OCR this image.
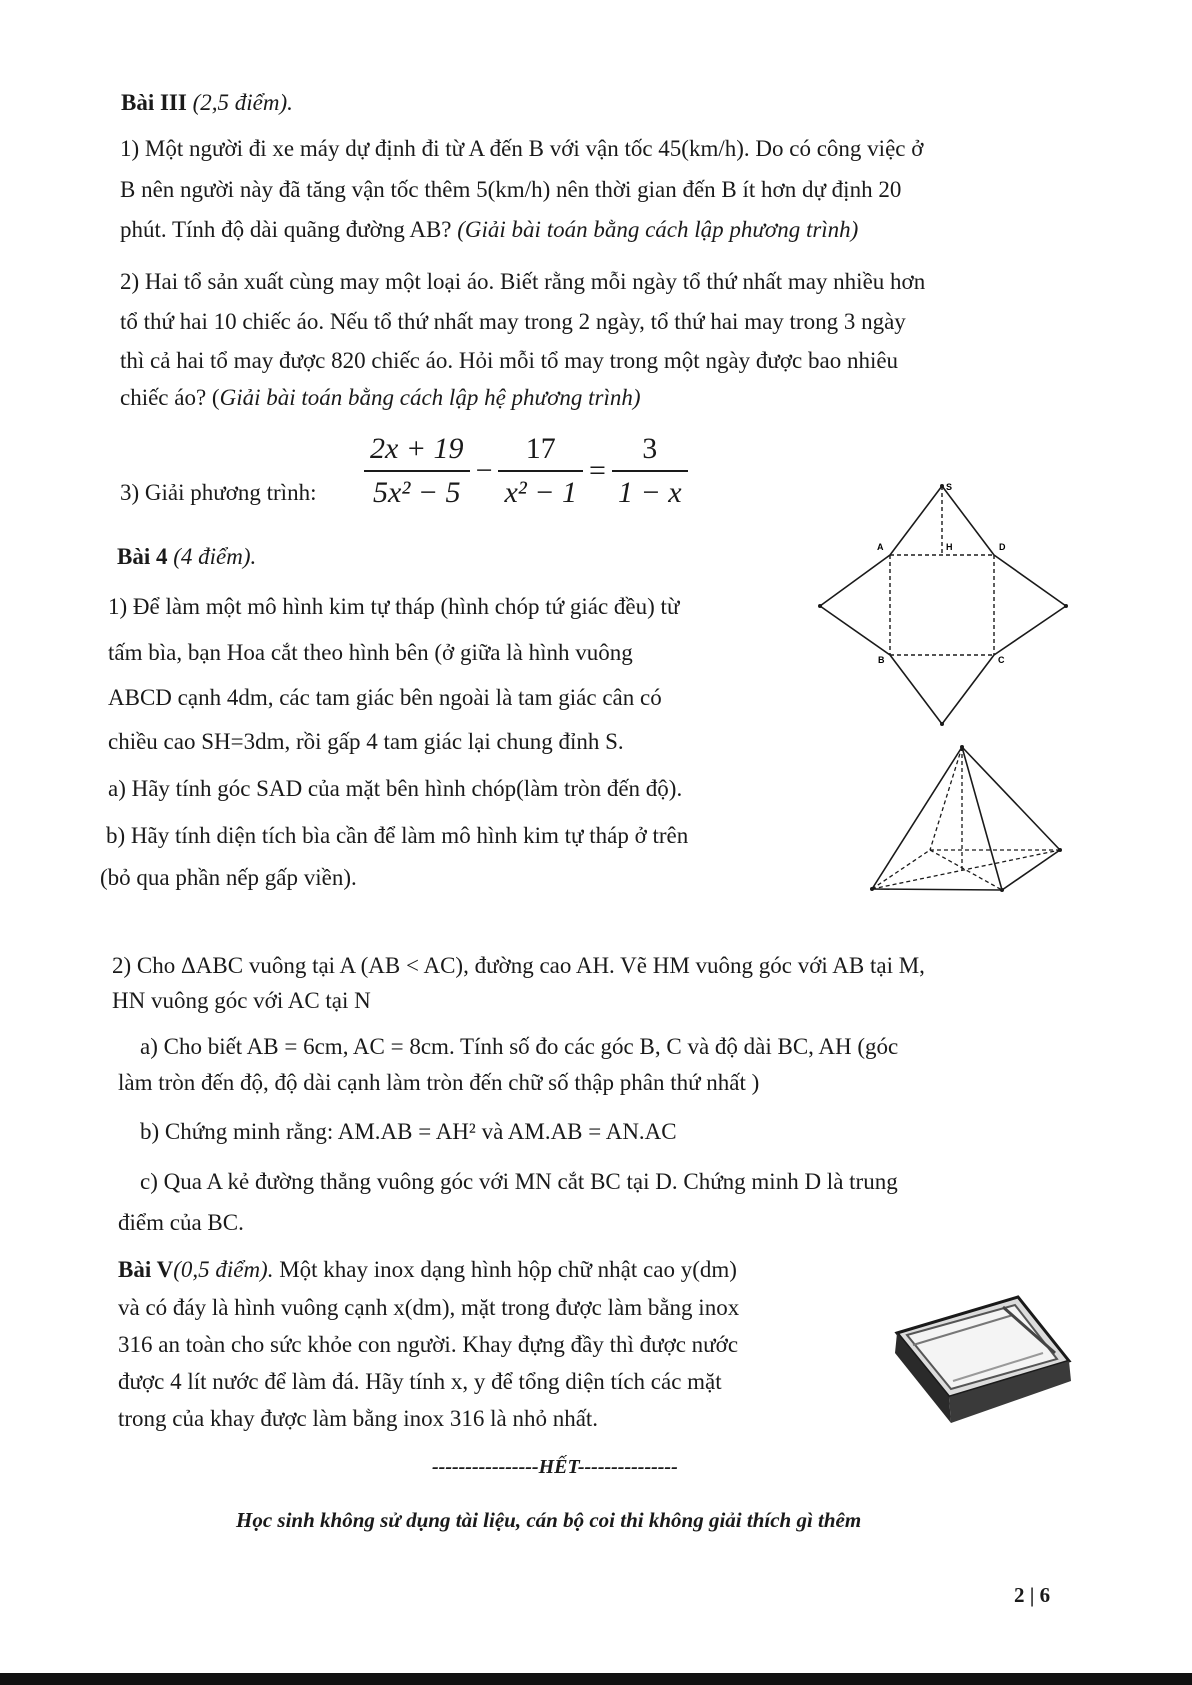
Bài III (2,5 điểm).
1) Một người đi xe máy dự định đi từ A đến B với vận tốc 45(km/h). Do có công việc ở
B nên người này đã tăng vận tốc thêm 5(km/h) nên thời gian đến B ít hơn dự định 20
phút. Tính độ dài quãng đường AB? (Giải bài toán bằng cách lập phương trình)
2) Hai tổ sản xuất cùng may một loại áo. Biết rằng mỗi ngày tổ thứ nhất may nhiều hơn
tổ thứ hai 10 chiếc áo. Nếu tổ thứ nhất may trong 2 ngày, tổ thứ hai may trong 3 ngày
thì cả hai tổ may được 820 chiếc áo. Hỏi mỗi tổ may trong một ngày được bao nhiêu
chiếc áo? (Giải bài toán bằng cách lập hệ phương trình)
3) Giải phương trình: $\frac{2x + 19}{\text{5x² − 5}} - \frac{17}{\text{x² − 1}} = \frac{3}{1 - x}$
Bài 4 (4 điểm).
1) Để làm một mô hình kim tự tháp (hình chóp tứ giác đều) từ
tấm bìa, bạn Hoa cắt theo hình bên (ở giữa là hình vuông
ABCD cạnh 4dm, các tam giác bên ngoài là tam giác cân có
chiều cao SH=3dm, rồi gấp 4 tam giác lại chung đỉnh S.
a) Hãy tính góc SAD của mặt bên hình chóp(làm tròn đến độ).
b) Hãy tính diện tích bìa cần để làm mô hình kim tự tháp ở trên
(bỏ qua phần nếp gấp viền).
S
A	H	D
B	C
2) Cho ΔABC vuông tại A (AB < AC), đường cao AH. Vẽ HM vuông góc với AB tại M,
HN vuông góc với AC tại N
a) Cho biết AB = 6cm, AC = 8cm. Tính số đo các góc B, C và độ dài BC, AH (góc
làm tròn đến độ, độ dài cạnh làm tròn đến chữ số thập phân thứ nhất )
b) Chứng minh rằng: AM.AB = AH² và AM.AB = AN.AC
c) Qua A kẻ đường thẳng vuông góc với MN cắt BC tại D. Chứng minh D là trung
điểm của BC.
Bài V(0,5 điểm). Một khay inox dạng hình hộp chữ nhật cao y(dm)
và có đáy là hình vuông cạnh x(dm), mặt trong được làm bằng inox
316 an toàn cho sức khỏe con người. Khay đựng đầy thì được nước
được 4 lít nước để làm đá. Hãy tính x, y để tổng diện tích các mặt
trong của khay được làm bằng inox 316 là nhỏ nhất.
----------------HẾT---------------
Học sinh không sử dụng tài liệu, cán bộ coi thi không giải thích gì thêm
2 | 6
